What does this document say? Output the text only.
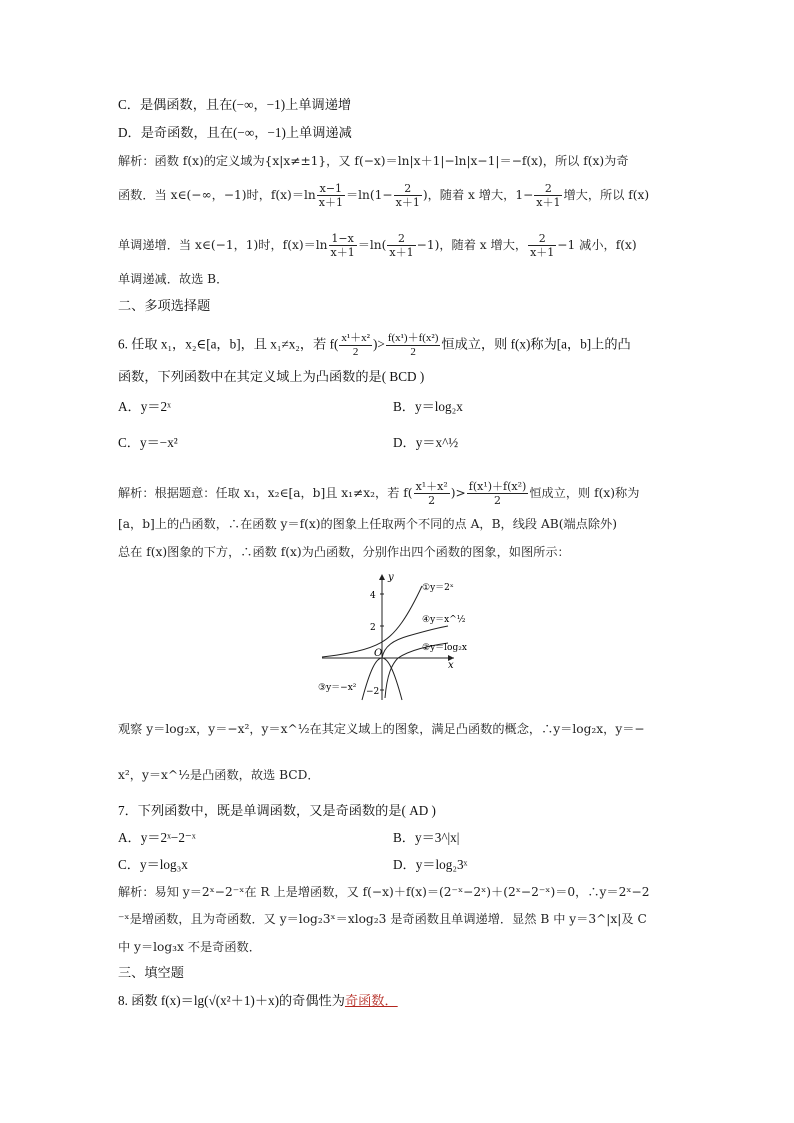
C．是偶函数，且在(−∞，−1)上单调递增
D．是奇函数，且在(−∞，−1)上单调递减
解析：函数 f(x)的定义域为{x|x≠±1}，又 f(−x)＝ln|x＋1|−ln|x−1|＝−f(x)，所以 f(x)为奇
函数．当 x∈(−∞，−1)时，$f(x)=\ln \frac{x-1}{x+1} =\ln(1- \frac{2}{x+1}$ )，随着 x 增大，$1- \frac{2}{x+1}$ 增大，所以 f(x)
单调递增．当 x∈(−1，1)时，$f(x)=\ln \frac{1-x}{x+1} =\ln( \frac{2}{x+1} -1)$，随着 x 增大， $\frac{2}{x+1} -1$ 减小，f(x)
单调递减．故选 B．
二、多项选择题
6. 任取 x₁，x₂∈[a，b]，且 x₁≠x₂，若 $f( \frac{\text{x¹＋x²}}{2}$ )> $\frac{\text{f(x¹)＋f(x²)}}{2}$ 恒成立，则 f(x)称为[a，b]上的凸
函数，下列函数中在其定义域上为凸函数的是( BCD )
A．y＝2ˣ	B．y＝log₂x
C．y＝−x²	D．y＝x^½
解析：根据题意：任取 x₁，x₂∈[a，b]且 x₁≠x₂，若 $f( \frac{\text{x¹＋x²}}{2}$ )> $\frac{\text{f(x¹)＋f(x²)}}{2}$ 恒成立，则 f(x)称为
[a，b]上的凸函数，∴在函数 y＝f(x)的图象上任取两个不同的点 A，B，线段 AB(端点除外)
总在 f(x)图象的下方，∴函数 f(x)为凸函数，分别作出四个函数的图象，如图所示：
y
x
O
4
2
−2
①y＝2ˣ
④y＝x^½
②y＝log₂x
③y＝−x²
观察 y＝log₂x，y＝−x²，y＝x^½在其定义域上的图象，满足凸函数的概念，∴y＝log₂x，y＝−
x²，y＝x^½是凸函数，故选 BCD．
7．下列函数中，既是单调函数，又是奇函数的是( AD )
A．y＝2ˣ−2⁻ˣ	B．y＝3^|x|
C．y＝log₃x	D．y＝log₂3ˣ
解析：易知 y＝2ˣ−2⁻ˣ在 R 上是增函数，又 f(−x)＋f(x)＝(2⁻ˣ−2ˣ)＋(2ˣ−2⁻ˣ)＝0，∴y＝2ˣ−2
⁻ˣ是增函数，且为奇函数．又 y＝log₂3ˣ＝xlog₂3 是奇函数且单调递增．显然 B 中 y＝3^|x|及 C
中 y＝log₃x 不是奇函数．
三、填空题
8. 函数 f(x)＝lg(√(x²＋1)＋x)的奇偶性为奇函数．
